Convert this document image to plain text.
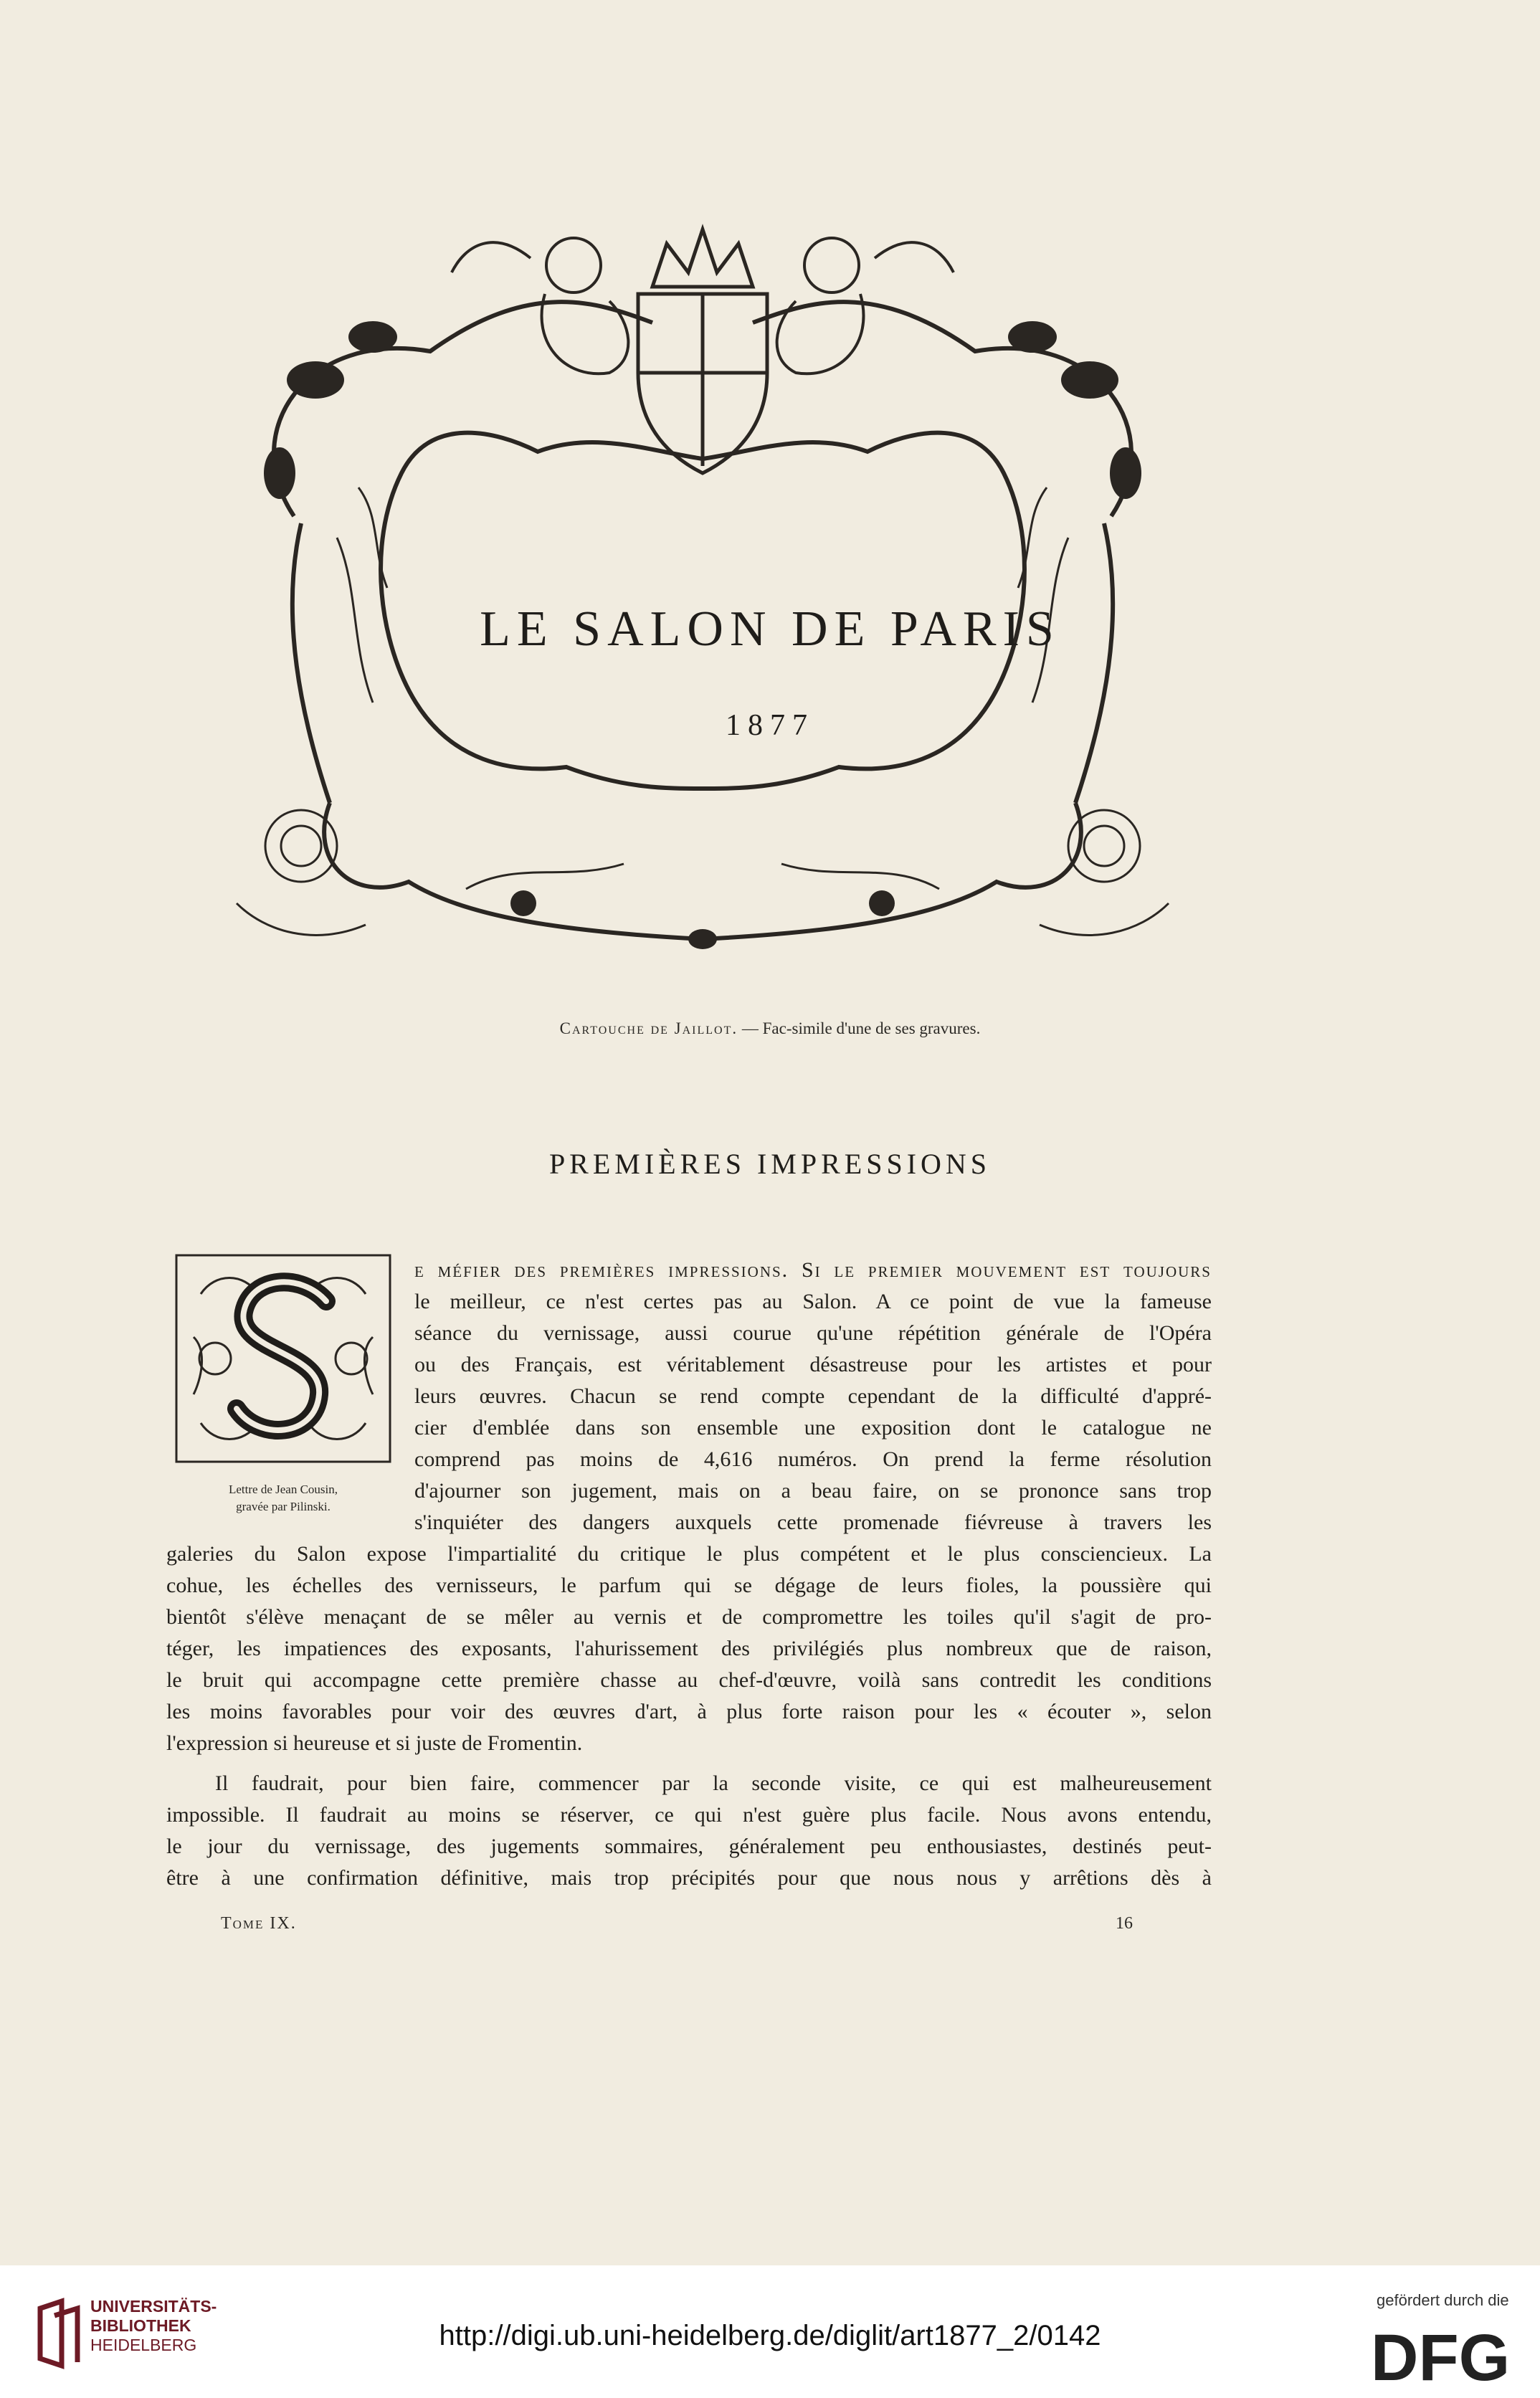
LE SALON DE PARIS
1877
Cartouche de Jaillot. — Fac-simile d'une de ses gravures.
PREMIÈRES IMPRESSIONS
Lettre de Jean Cousin,
gravée par Pilinski.
e méfier des premières impressions. Si le premier mouvement est toujours
le meilleur, ce n'est certes pas au Salon. A ce point de vue la fameuse
séance du vernissage, aussi courue qu'une répétition générale de l'Opéra
ou des Français, est véritablement désastreuse pour les artistes et pour
leurs œuvres. Chacun se rend compte cependant de la difficulté d'appré-
cier d'emblée dans son ensemble une exposition dont le catalogue ne
comprend pas moins de 4,616 numéros. On prend la ferme résolution
d'ajourner son jugement, mais on a beau faire, on se prononce sans trop
s'inquiéter des dangers auxquels cette promenade fiévreuse à travers les
galeries du Salon expose l'impartialité du critique le plus compétent et le plus consciencieux. La
cohue, les échelles des vernisseurs, le parfum qui se dégage de leurs fioles, la poussière qui
bientôt s'élève menaçant de se mêler au vernis et de compromettre les toiles qu'il s'agit de pro-
téger, les impatiences des exposants, l'ahurissement des privilégiés plus nombreux que de raison,
le bruit qui accompagne cette première chasse au chef-d'œuvre, voilà sans contredit les conditions
les moins favorables pour voir des œuvres d'art, à plus forte raison pour les « écouter », selon
l'expression si heureuse et si juste de Fromentin.
Il faudrait, pour bien faire, commencer par la seconde visite, ce qui est malheureusement
impossible. Il faudrait au moins se réserver, ce qui n'est guère plus facile. Nous avons entendu,
le jour du vernissage, des jugements sommaires, généralement peu enthousiastes, destinés peut-
être à une confirmation définitive, mais trop précipités pour que nous nous y arrêtions dès à
Tome IX.	16
UNIVERSITÄTS-
BIBLIOTHEK
HEIDELBERG	http://digi.ub.uni-heidelberg.de/diglit/art1877_2/0142
gefördert durch die
DFG
